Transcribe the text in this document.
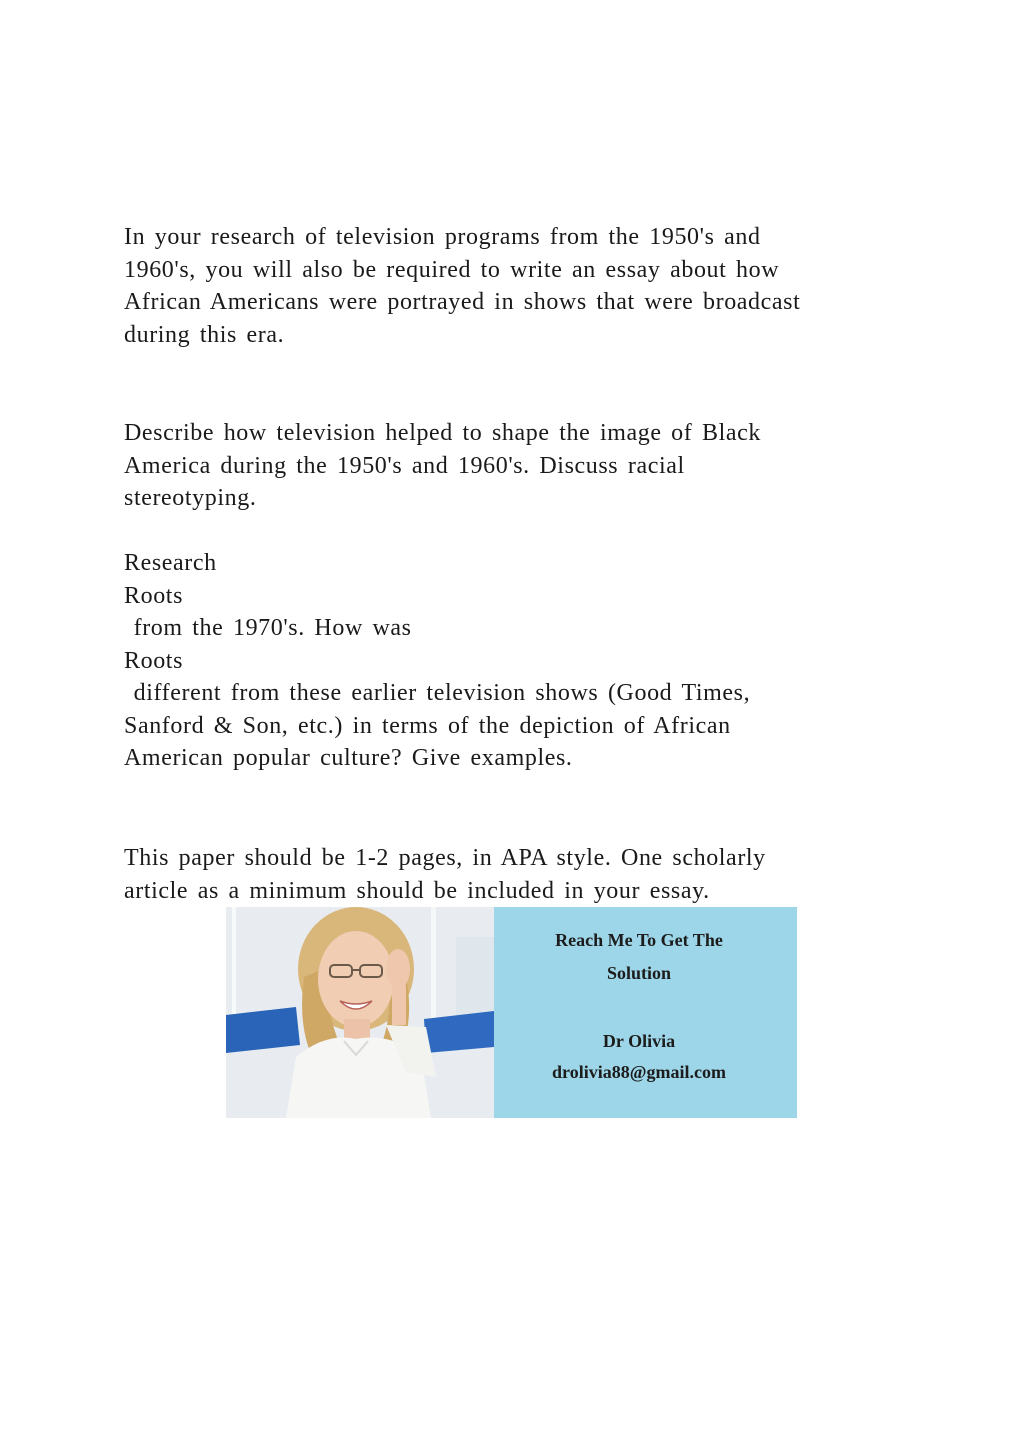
In your research of television programs from the 1950's and
1960's, you will also be required to write an essay about how
African Americans were portrayed in shows that were broadcast
during this era.
Describe how television helped to shape the image of Black
America during the 1950's and 1960's. Discuss racial
stereotyping.
Research
Roots
from the 1970's. How was
Roots
different from these earlier television shows (Good Times,
Sanford & Son, etc.) in terms of the depiction of African
American popular culture? Give examples.
This paper should be 1-2 pages, in APA style. One scholarly
article as a minimum should be included in your essay.
Reach Me To Get The
Solution
Dr Olivia
drolivia88@gmail.com
